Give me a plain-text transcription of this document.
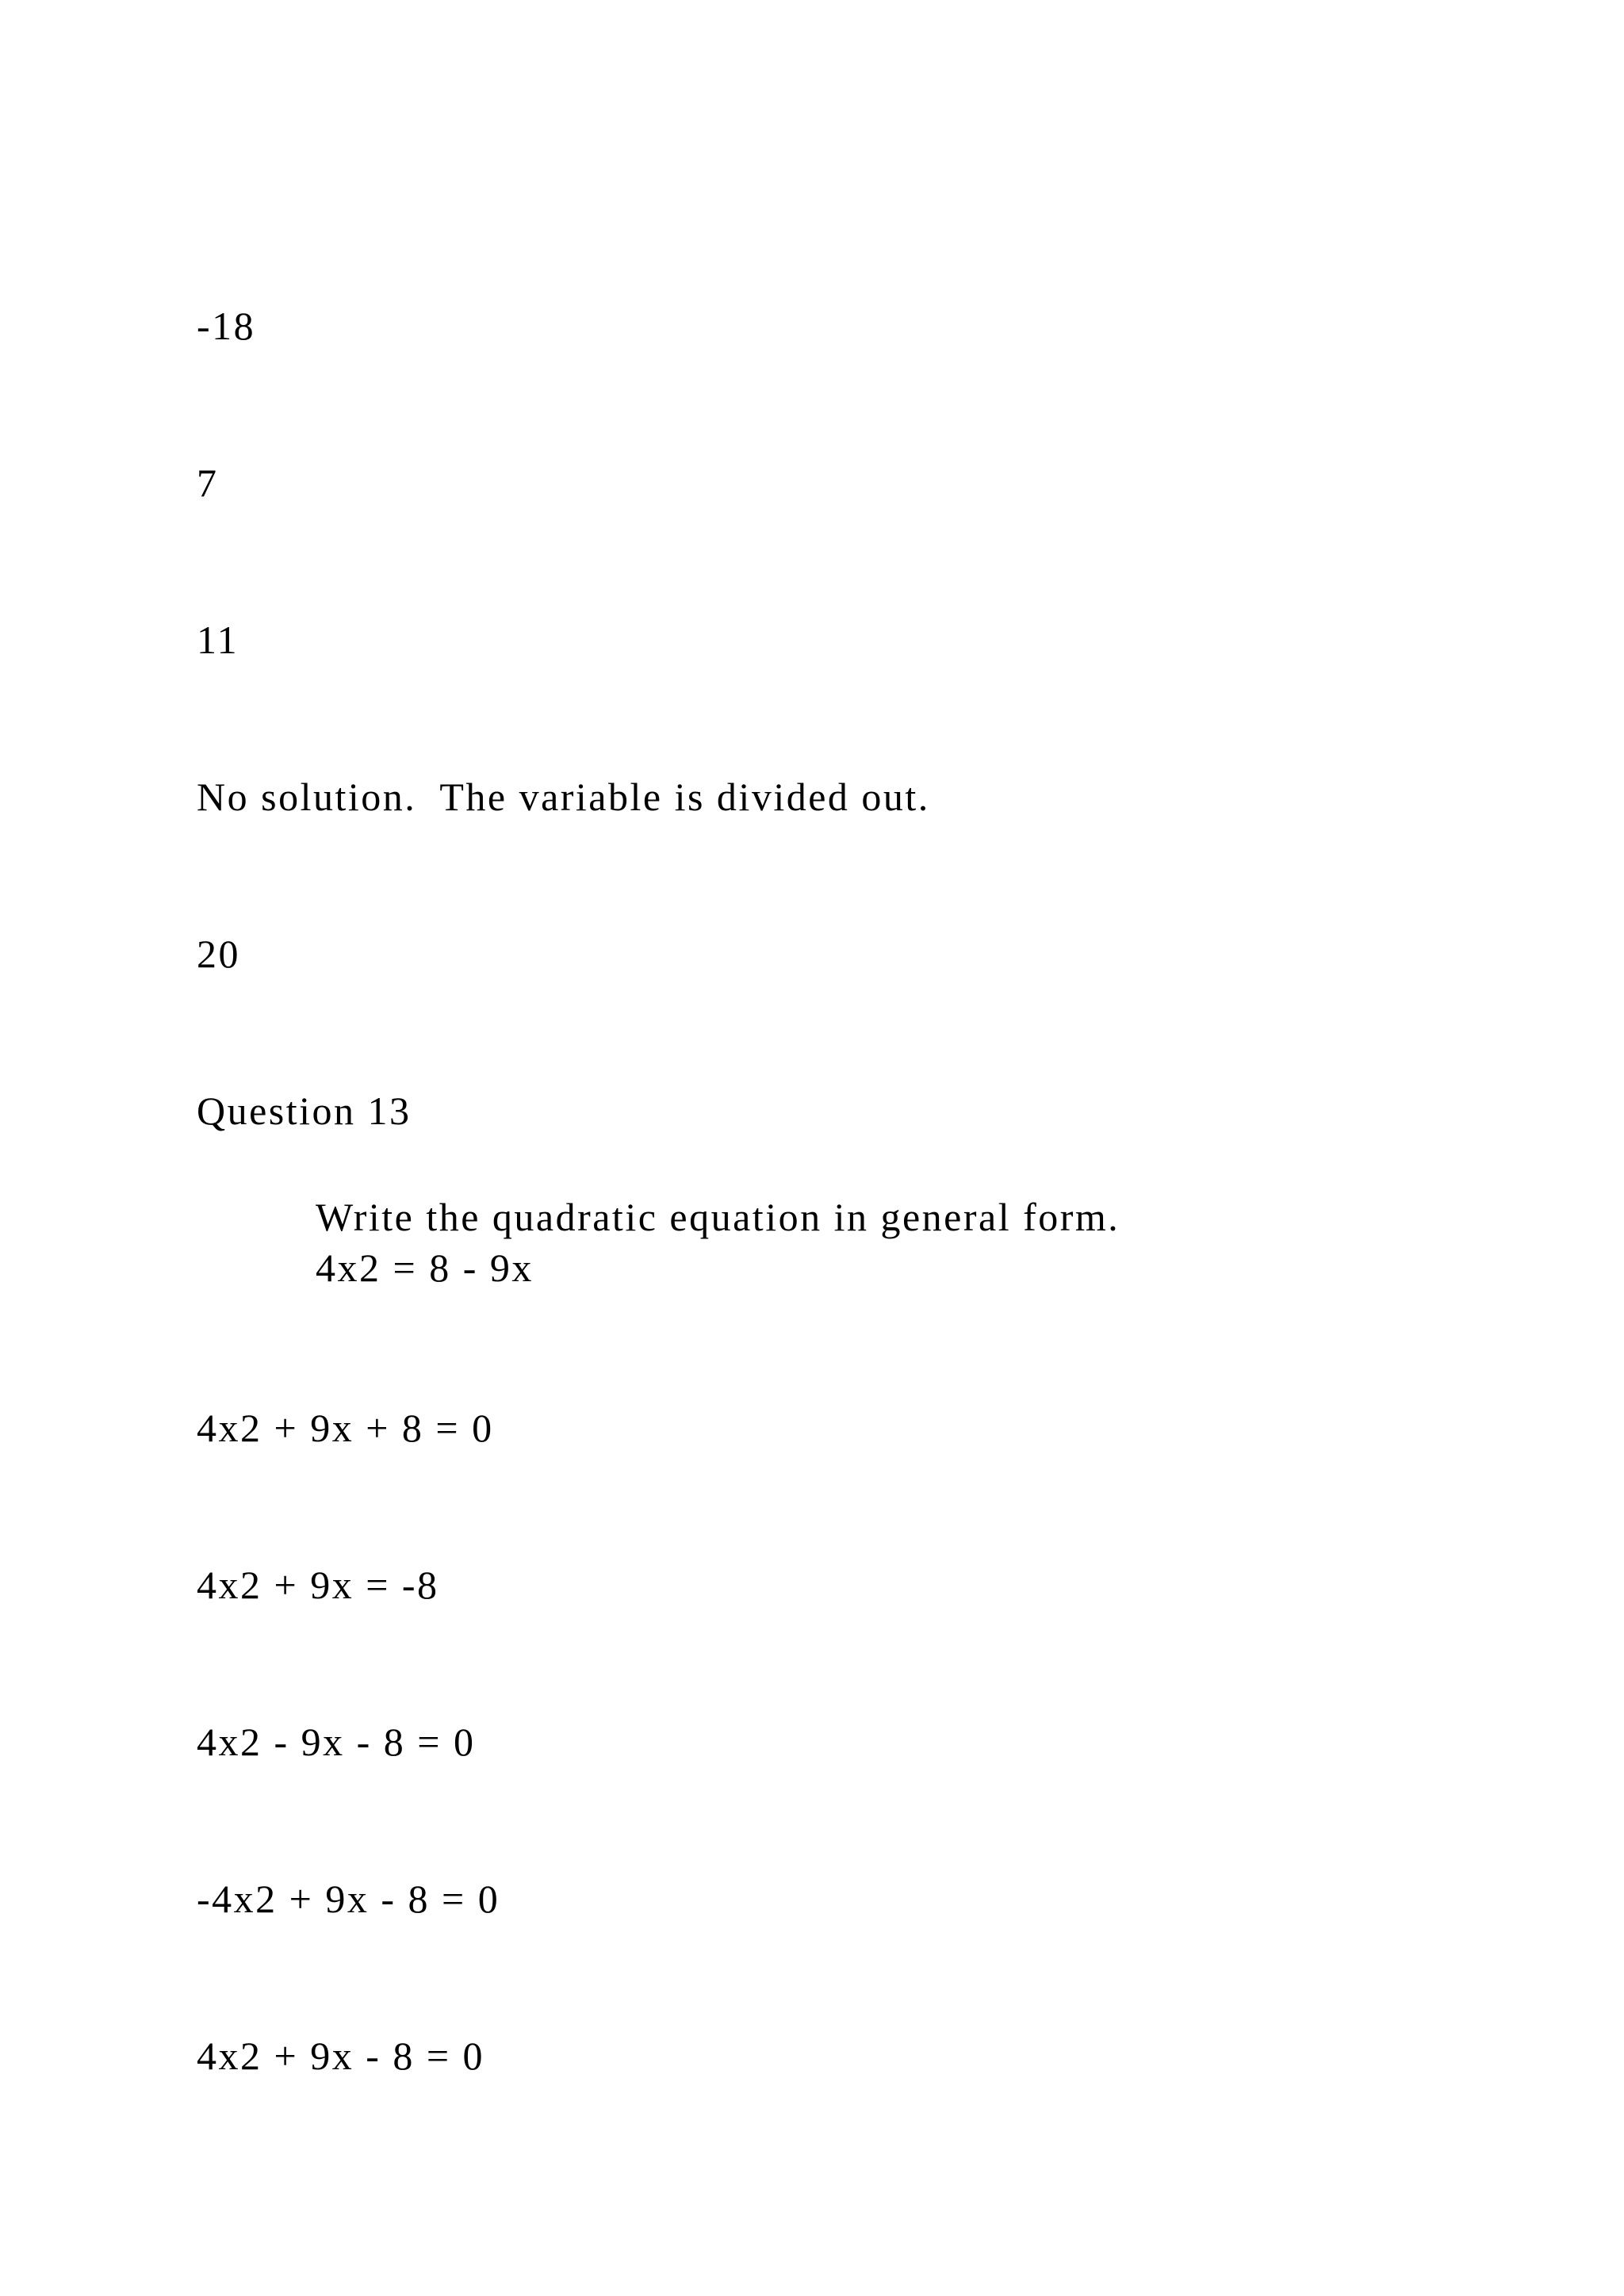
-18
7
11
No solution.  The variable is divided out.
20
Question 13
Write the quadratic equation in general form.
4x2 = 8 - 9x
4x2 + 9x + 8 = 0
4x2 + 9x = -8
4x2 - 9x - 8 = 0
-4x2 + 9x - 8 = 0
4x2 + 9x - 8 = 0
